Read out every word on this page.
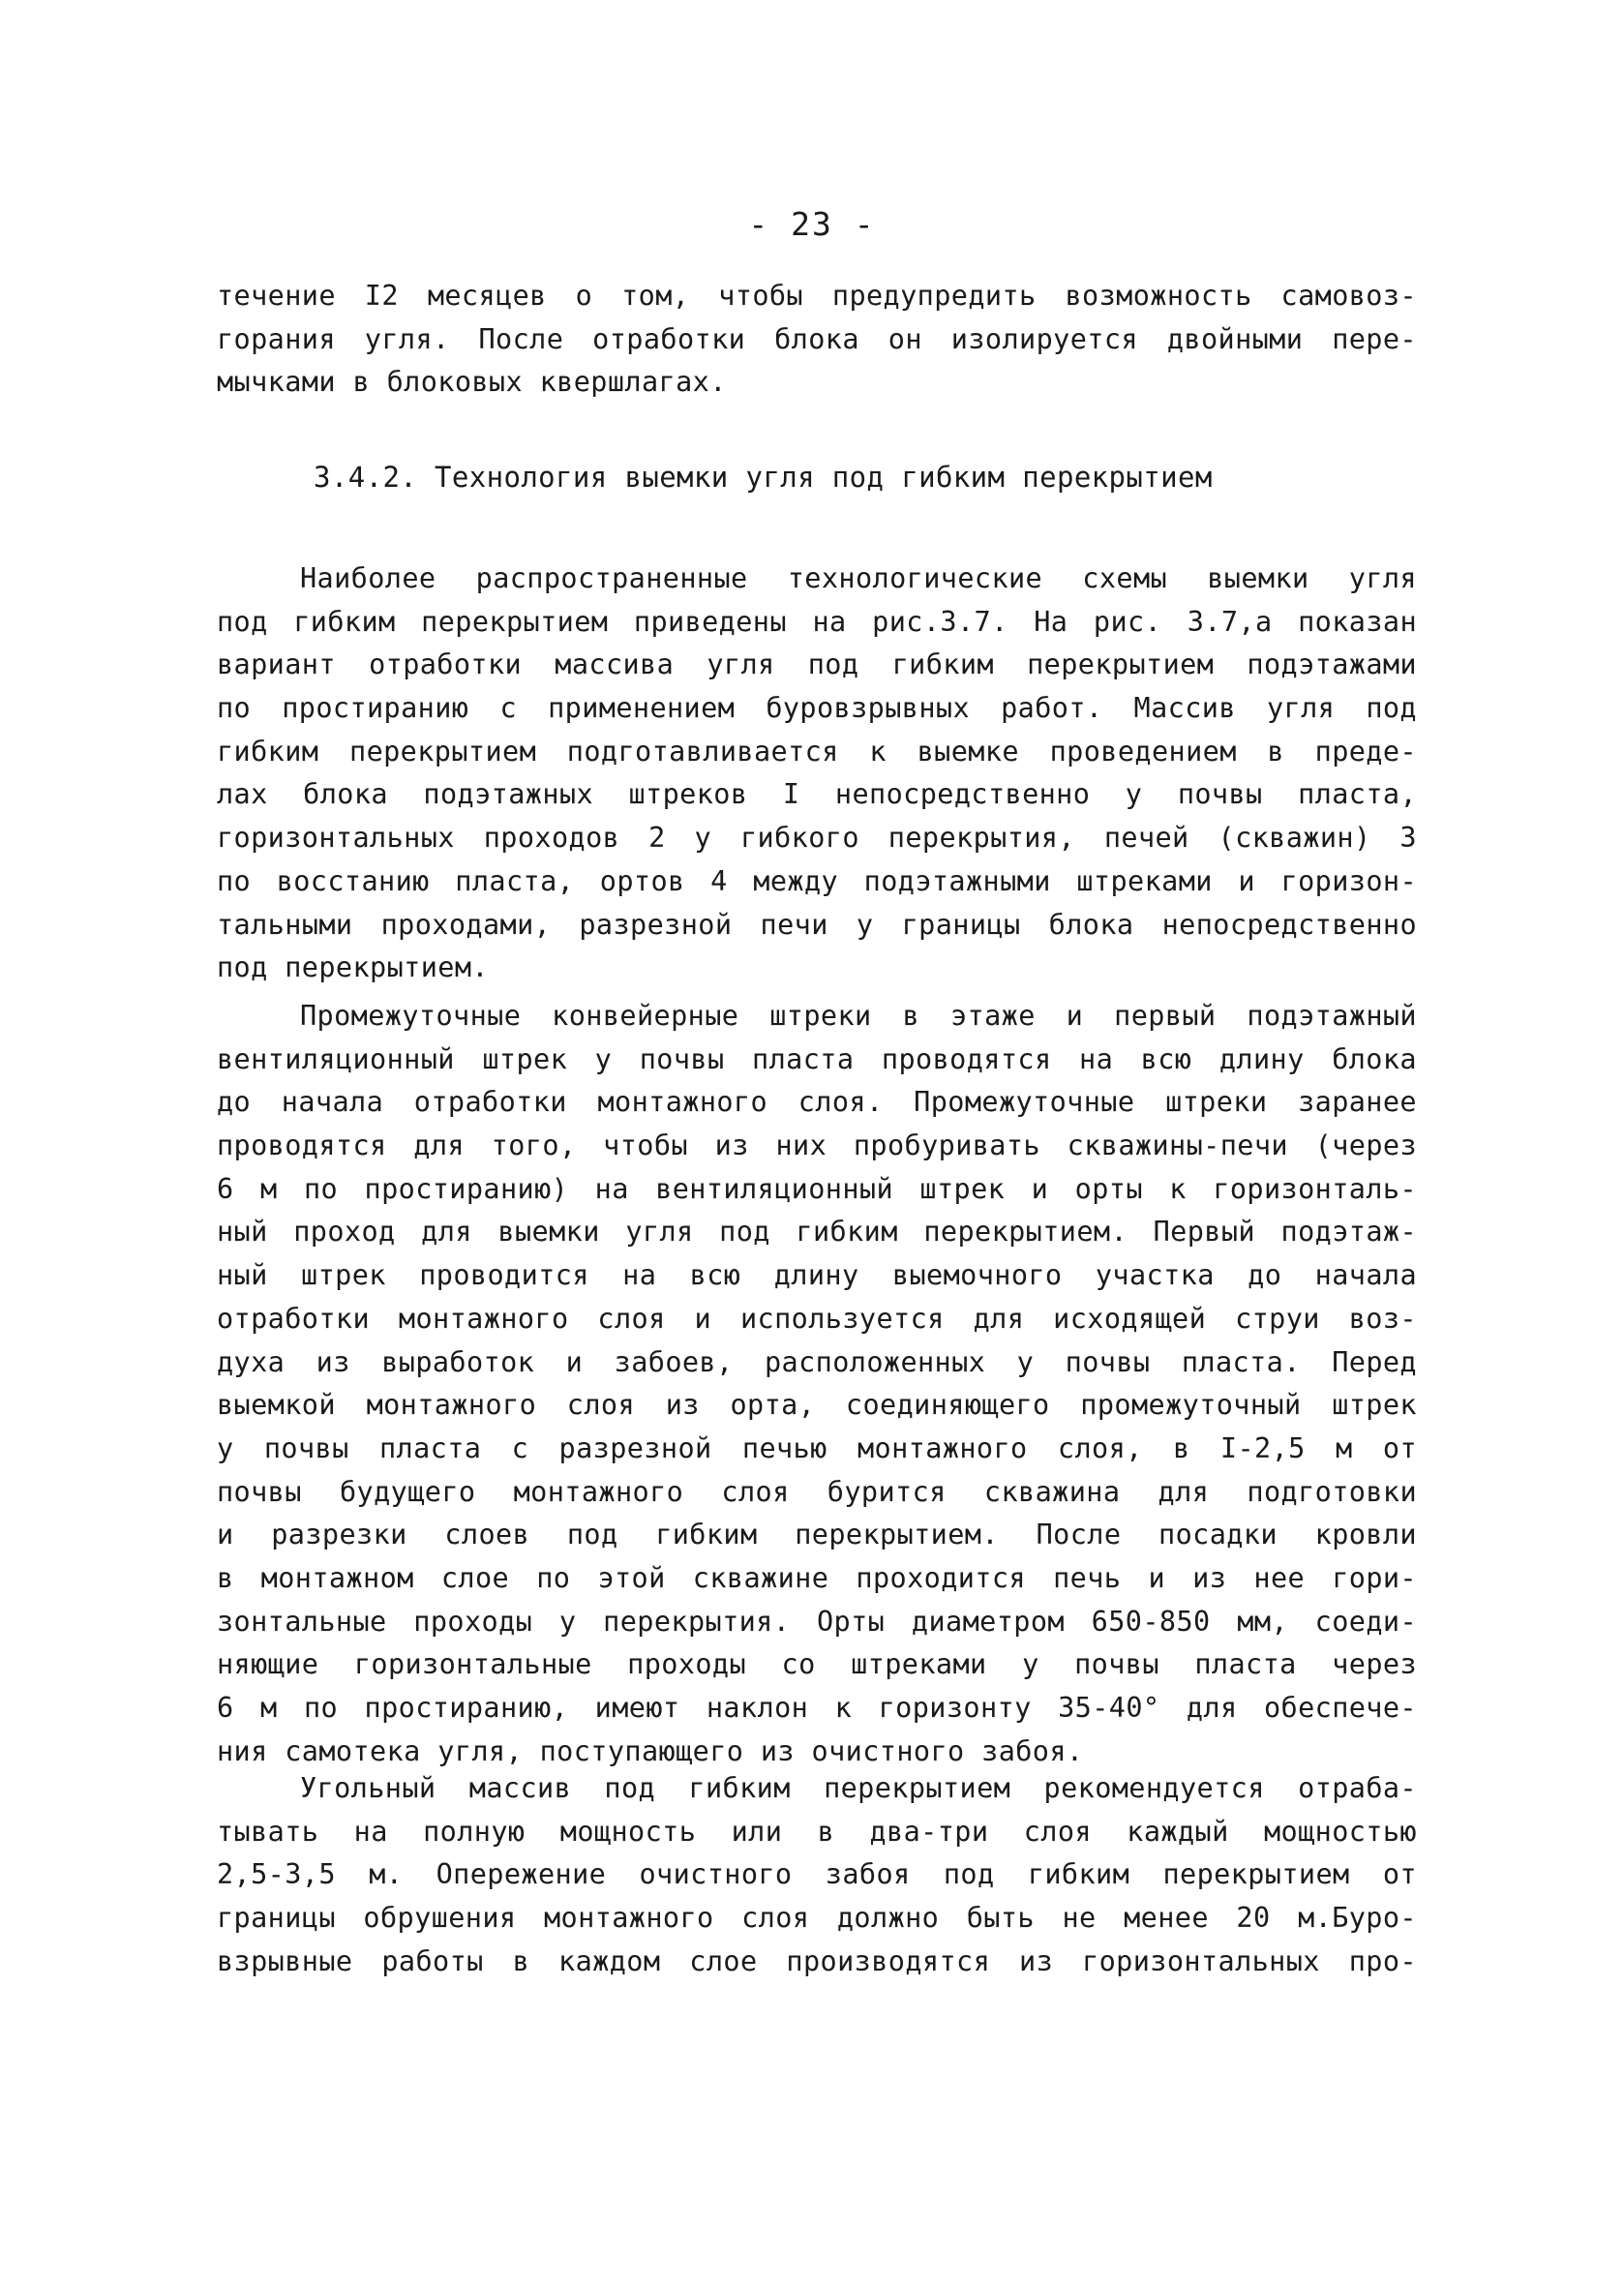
- 23 -
течение I2 месяцев о том, чтобы предупредить возможность самовоз-
горания угля. После отработки блока он изолируется двойными пере-
мычками в блоковых квершлагах.
3.4.2. Технология выемки угля под гибким перекрытием
Наиболее распространенные технологические схемы выемки угля
под гибким перекрытием приведены на рис.3.7. На рис. 3.7,а показан
вариант отработки массива угля под гибким перекрытием подэтажами
по простиранию с применением буровзрывных работ. Массив угля под
гибким перекрытием подготавливается к выемке проведением в преде-
лах блока подэтажных штреков I непосредственно у почвы пласта,
горизонтальных проходов 2 у гибкого перекрытия, печей (скважин) 3
по восстанию пласта, ортов 4 между подэтажными штреками и горизон-
тальными проходами, разрезной печи у границы блока непосредственно
под перекрытием.
Промежуточные конвейерные штреки в этаже и первый подэтажный
вентиляционный штрек у почвы пласта проводятся на всю длину блока
до начала отработки монтажного слоя. Промежуточные штреки заранее
проводятся для того, чтобы из них пробуривать скважины-печи (через
6 м по простиранию) на вентиляционный штрек и орты к горизонталь-
ный проход для выемки угля под гибким перекрытием. Первый подэтаж-
ный штрек проводится на всю длину выемочного участка до начала
отработки монтажного слоя и используется для исходящей струи воз-
духа из выработок и забоев, расположенных у почвы пласта. Перед
выемкой монтажного слоя из орта, соединяющего промежуточный штрек
у почвы пласта с разрезной печью монтажного слоя, в I-2,5 м от
почвы будущего монтажного слоя бурится скважина для подготовки
и разрезки слоев под гибким перекрытием. После посадки кровли
в монтажном слое по этой скважине проходится печь и из нее гори-
зонтальные проходы у перекрытия. Орты диаметром 650-850 мм, соеди-
няющие горизонтальные проходы со штреками у почвы пласта через
6 м по простиранию, имеют наклон к горизонту 35-40° для обеспече-
ния самотека угля, поступающего из очистного забоя.
Угольный массив под гибким перекрытием рекомендуется отраба-
тывать на полную мощность или в два-три слоя каждый мощностью
2,5-3,5 м. Опережение очистного забоя под гибким перекрытием от
границы обрушения монтажного слоя должно быть не менее 20 м.Буро-
взрывные работы в каждом слое производятся из горизонтальных про-
